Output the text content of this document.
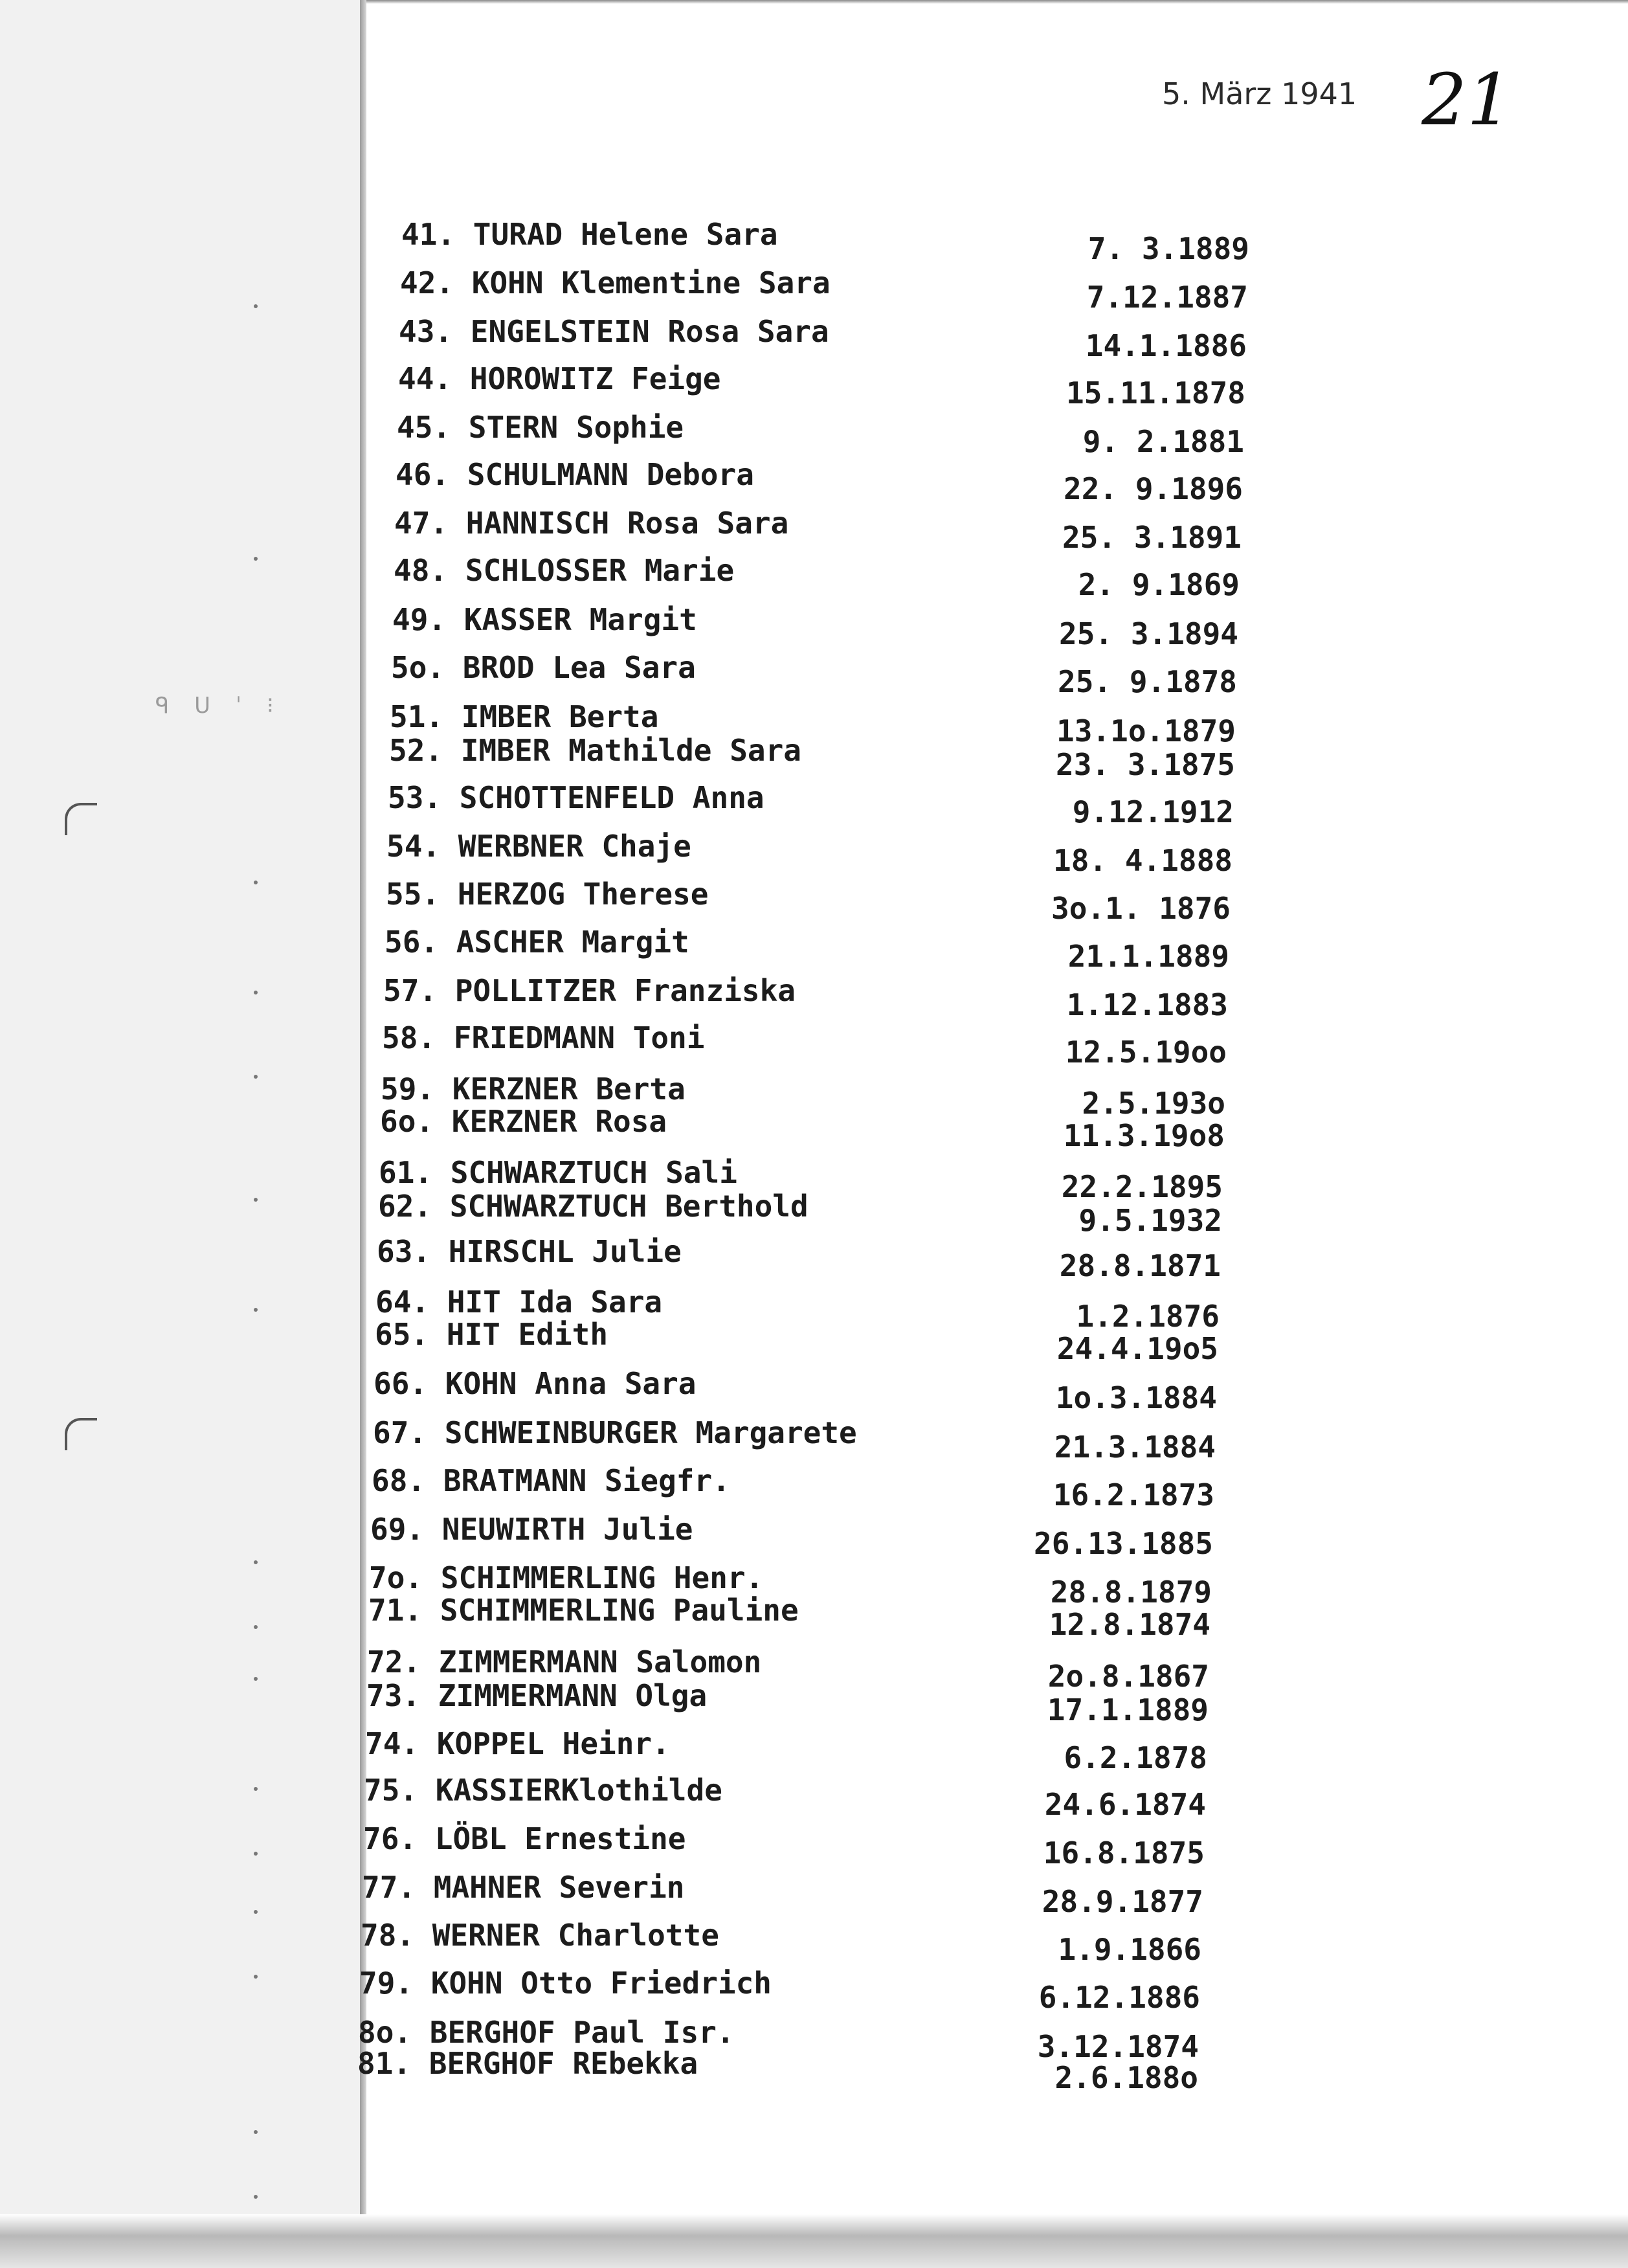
ᑫ ᑌ ˈ ⁝
5. März 1941 21
41. TURAD Helene Sara	7. 3.1889
42. KOHN Klementine Sara	7.12.1887
43. ENGELSTEIN Rosa Sara	14.1.1886
44. HOROWITZ Feige	15.11.1878
45. STERN Sophie	9. 2.1881
46. SCHULMANN Debora	22. 9.1896
47. HANNISCH Rosa Sara	25. 3.1891
48. SCHLOSSER Marie	2. 9.1869
49. KASSER Margit	25. 3.1894
5o. BROD Lea Sara	25. 9.1878
51. IMBER Berta	13.1o.1879
52. IMBER Mathilde Sara	23. 3.1875
53. SCHOTTENFELD Anna	9.12.1912
54. WERBNER Chaje	18. 4.1888
55. HERZOG Therese	3o.1. 1876
56. ASCHER Margit	21.1.1889
57. POLLITZER Franziska	1.12.1883
58. FRIEDMANN Toni	12.5.19oo
59. KERZNER Berta	2.5.193o
6o. KERZNER Rosa	11.3.19o8
61. SCHWARZTUCH Sali	22.2.1895
62. SCHWARZTUCH Berthold	9.5.1932
63. HIRSCHL Julie	28.8.1871
64. HIT Ida Sara	1.2.1876
65. HIT Edith	24.4.19o5
66. KOHN Anna Sara	1o.3.1884
67. SCHWEINBURGER Margarete	21.3.1884
68. BRATMANN Siegfr.	16.2.1873
69. NEUWIRTH Julie	26.13.1885
7o. SCHIMMERLING Henr.	28.8.1879
71. SCHIMMERLING Pauline	12.8.1874
72. ZIMMERMANN Salomon	2o.8.1867
73. ZIMMERMANN Olga	17.1.1889
74. KOPPEL Heinr.	6.2.1878
75. KASSIERKlothilde	24.6.1874
76. LÖBL Ernestine	16.8.1875
77. MAHNER Severin	28.9.1877
78. WERNER Charlotte	1.9.1866
79. KOHN Otto Friedrich	6.12.1886
8o. BERGHOF Paul Isr.	3.12.1874
81. BERGHOF REbekka	2.6.188o
